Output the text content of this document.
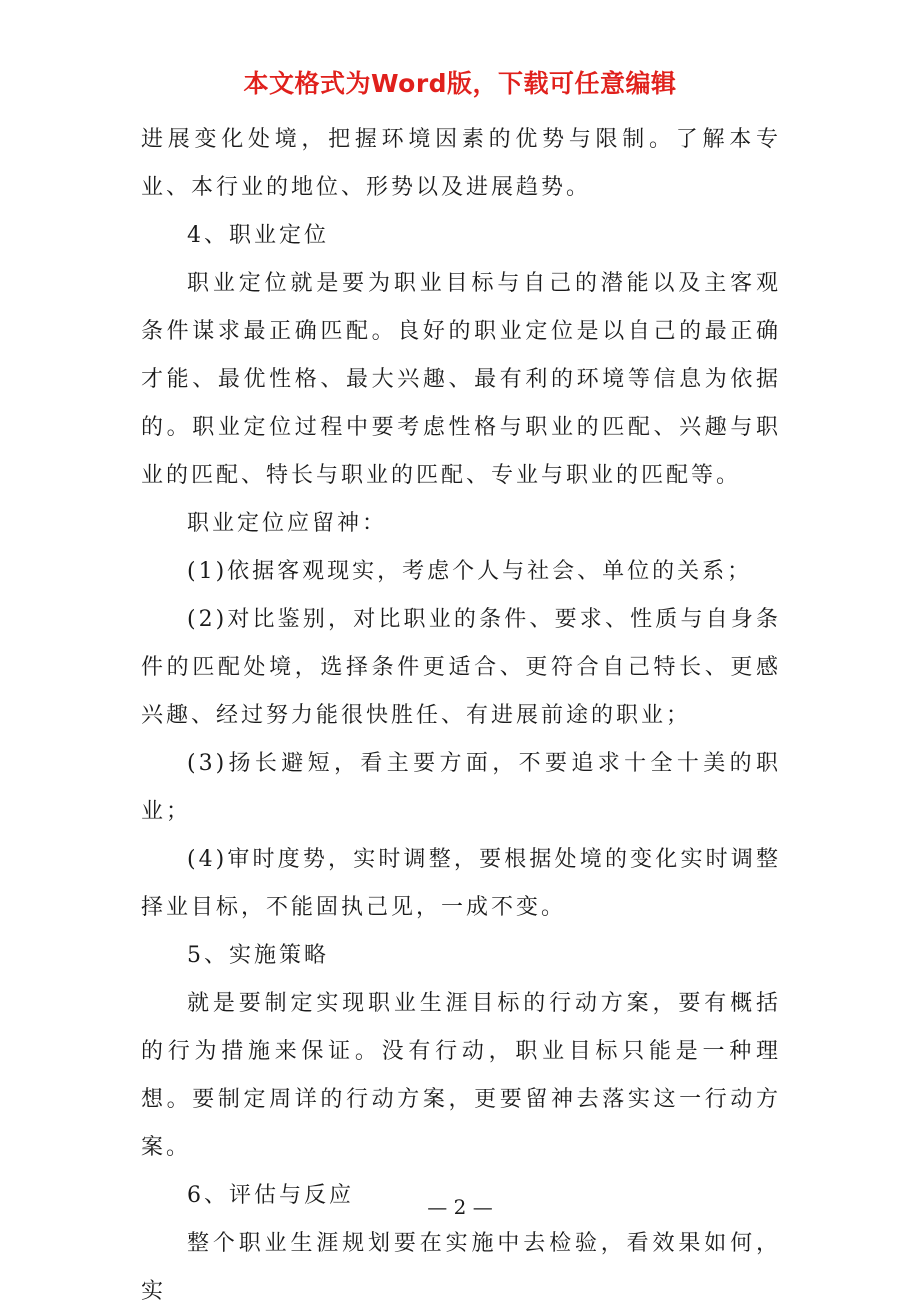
本文格式为Word版，下载可任意编辑

进展变化处境，把握环境因素的优势与限制。了解本专业、本行业的地位、形势以及进展趋势。

4、职业定位

职业定位就是要为职业目标与自己的潜能以及主客观条件谋求最正确匹配。良好的职业定位是以自己的最正确才能、最优性格、最大兴趣、最有利的环境等信息为依据的。职业定位过程中要考虑性格与职业的匹配、兴趣与职业的匹配、特长与职业的匹配、专业与职业的匹配等。

职业定位应留神：

(1)依据客观现实，考虑个人与社会、单位的关系；

(2)对比鉴别，对比职业的条件、要求、性质与自身条件的匹配处境，选择条件更适合、更符合自己特长、更感兴趣、经过努力能很快胜任、有进展前途的职业；

(3)扬长避短，看主要方面，不要追求十全十美的职业；

(4)审时度势，实时调整，要根据处境的变化实时调整择业目标，不能固执己见，一成不变。

5、实施策略

就是要制定实现职业生涯目标的行动方案，要有概括的行为措施来保证。没有行动，职业目标只能是一种理想。要制定周详的行动方案，更要留神去落实这一行动方案。

6、评估与反应

整个职业生涯规划要在实施中去检验，看效果如何，实

— 2 —
